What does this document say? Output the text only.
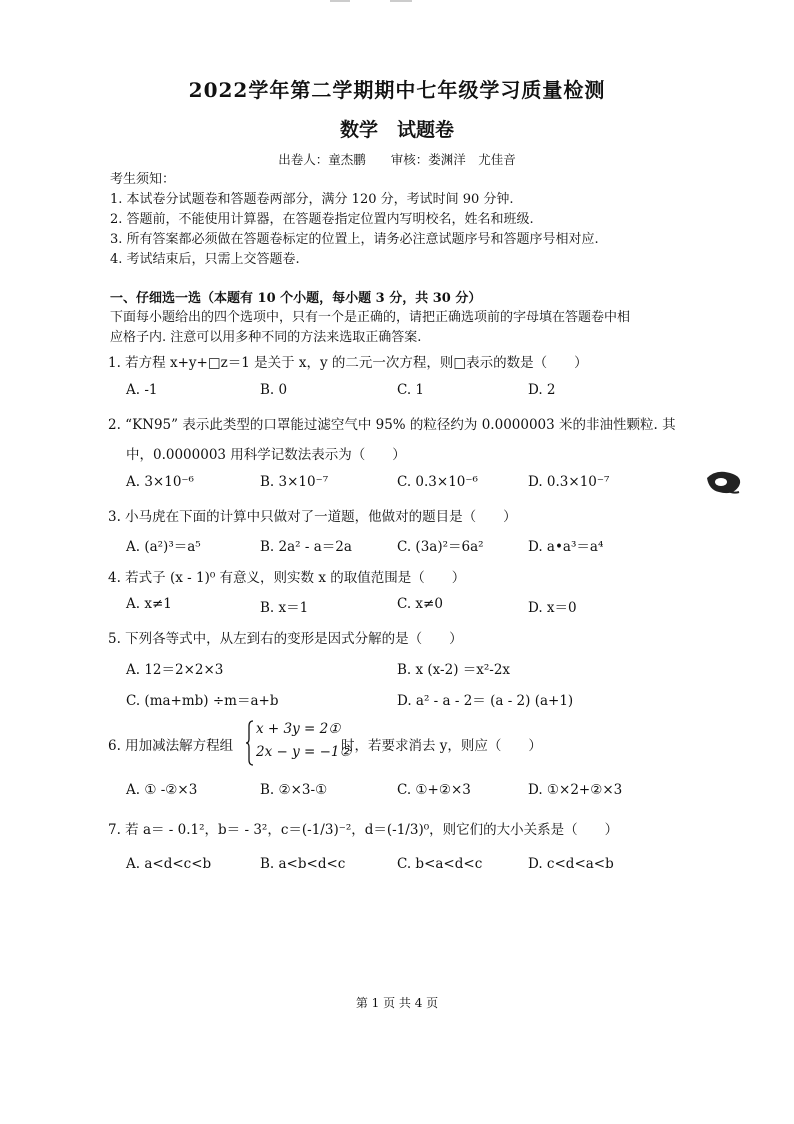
2022学年第二学期期中七年级学习质量检测
数学　试题卷
出卷人：童杰鹏　　审核：娄渊洋　尤佳音
考生须知：
1. 本试卷分试题卷和答题卷两部分，满分 120 分，考试时间 90 分钟.
2. 答题前，不能使用计算器，在答题卷指定位置内写明校名，姓名和班级.
3. 所有答案都必须做在答题卷标定的位置上，请务必注意试题序号和答题序号相对应.
4. 考试结束后，只需上交答题卷.
一、仔细选一选（本题有 10 个小题，每小题 3 分，共 30 分）
下面每小题给出的四个选项中，只有一个是正确的，请把正确选项前的字母填在答题卷中相
应格子内. 注意可以用多种不同的方法来选取正确答案.
1. 若方程 x+y+□z＝1 是关于 x，y 的二元一次方程，则□表示的数是（　　）
A. -1	B. 0	C. 1	D. 2
2. “KN95” 表示此类型的口罩能过滤空气中 95% 的粒径约为 0.0000003 米的非油性颗粒. 其
中，0.0000003 用科学记数法表示为（　　）
A. 3×10⁻⁶	B. 3×10⁻⁷	C. 0.3×10⁻⁶	D. 0.3×10⁻⁷
3. 小马虎在下面的计算中只做对了一道题，他做对的题目是（　　）
A. (a²)³＝a⁵	B. 2a² - a＝2a	C. (3a)²＝6a²	D. a•a³＝a⁴
4. 若式子 (x - 1)⁰ 有意义，则实数 x 的取值范围是（　　）
A. x≠1	B. x＝1	C. x≠0	D. x＝0
5. 下列各等式中，从左到右的变形是因式分解的是（　　）
A. 12＝2×2×3	B. x (x-2) ＝x²-2x
C. (ma+mb) ÷m＝a+b	D. a² - a - 2＝ (a - 2) (a+1)
6. 用加减法解方程组
x + 3y = 2①
2x − y = −1②
时，若要求消去 y，则应（　　）
A. ① -②×3	B. ②×3-①	C. ①+②×3	D. ①×2+②×3
7. 若 a＝ - 0.1²，b＝ - 3²，c＝(-1/3)⁻²，d＝(-1/3)⁰，则它们的大小关系是（　　）
A. a<d<c<b	B. a<b<d<c	C. b<a<d<c	D. c<d<a<b
第 1 页 共 4 页
